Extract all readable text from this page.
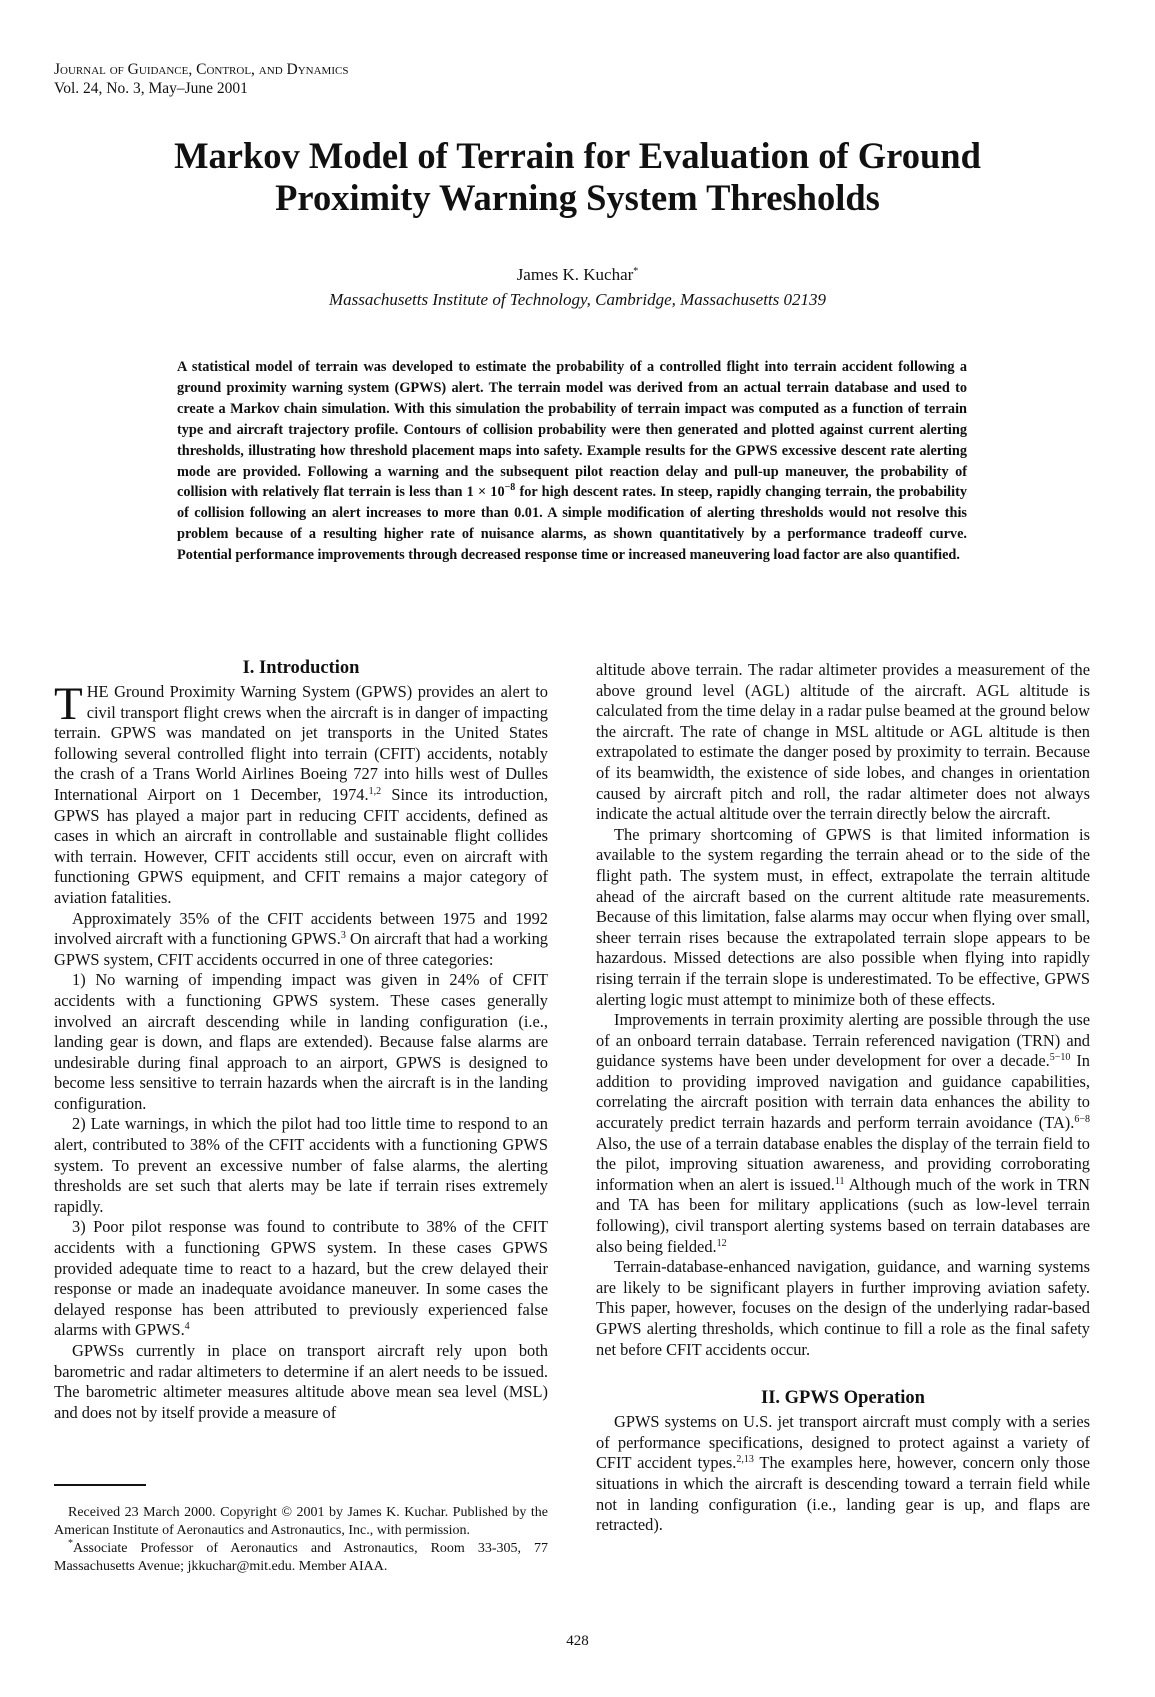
Journal of Guidance, Control, and Dynamics
Vol. 24, No. 3, May–June 2001
Markov Model of Terrain for Evaluation of Ground
Proximity Warning System Thresholds
James K. Kuchar*
Massachusetts Institute of Technology, Cambridge, Massachusetts 02139
A statistical model of terrain was developed to estimate the probability of a controlled flight into terrain accident following a ground proximity warning system (GPWS) alert. The terrain model was derived from an actual terrain database and used to create a Markov chain simulation. With this simulation the probability of terrain impact was computed as a function of terrain type and aircraft trajectory profile. Contours of collision probability were then generated and plotted against current alerting thresholds, illustrating how threshold placement maps into safety. Example results for the GPWS excessive descent rate alerting mode are provided. Following a warning and the subsequent pilot reaction delay and pull-up maneuver, the probability of collision with relatively flat terrain is less than $1 \times 10^{-8}$ for high descent rates. In steep, rapidly changing terrain, the probability of collision following an alert increases to more than 0.01. A simple modification of alerting thresholds would not resolve this problem because of a resulting higher rate of nuisance alarms, as shown quantitatively by a performance tradeoff curve. Potential performance improvements through decreased response time or increased maneuvering load factor are also quantified.
I. Introduction

THE Ground Proximity Warning System (GPWS) provides an alert to civil transport flight crews when the aircraft is in danger of impacting terrain. GPWS was mandated on jet transports in the United States following several controlled flight into terrain (CFIT) accidents, notably the crash of a Trans World Airlines Boeing 727 into hills west of Dulles International Airport on 1 December, 1974.$^{1,2}$ Since its introduction, GPWS has played a major part in reducing CFIT accidents, defined as cases in which an aircraft in controllable and sustainable flight collides with terrain. However, CFIT accidents still occur, even on aircraft with functioning GPWS equipment, and CFIT remains a major category of aviation fatalities.

Approximately 35% of the CFIT accidents between 1975 and 1992 involved aircraft with a functioning GPWS.$^3$ On aircraft that had a working GPWS system, CFIT accidents occurred in one of three categories:

1) No warning of impending impact was given in 24% of CFIT accidents with a functioning GPWS system. These cases generally involved an aircraft descending while in landing configuration (i.e., landing gear is down, and flaps are extended). Because false alarms are undesirable during final approach to an airport, GPWS is designed to become less sensitive to terrain hazards when the aircraft is in the landing configuration.

2) Late warnings, in which the pilot had too little time to respond to an alert, contributed to 38% of the CFIT accidents with a functioning GPWS system. To prevent an excessive number of false alarms, the alerting thresholds are set such that alerts may be late if terrain rises extremely rapidly.

3) Poor pilot response was found to contribute to 38% of the CFIT accidents with a functioning GPWS system. In these cases GPWS provided adequate time to react to a hazard, but the crew delayed their response or made an inadequate avoidance maneuver. In some cases the delayed response has been attributed to previously experienced false alarms with GPWS.$^4$

GPWSs currently in place on transport aircraft rely upon both barometric and radar altimeters to determine if an alert needs to be issued. The barometric altimeter measures altitude above mean sea level (MSL) and does not by itself provide a measure of

altitude above terrain. The radar altimeter provides a measurement of the above ground level (AGL) altitude of the aircraft. AGL altitude is calculated from the time delay in a radar pulse beamed at the ground below the aircraft. The rate of change in MSL altitude or AGL altitude is then extrapolated to estimate the danger posed by proximity to terrain. Because of its beamwidth, the existence of side lobes, and changes in orientation caused by aircraft pitch and roll, the radar altimeter does not always indicate the actual altitude over the terrain directly below the aircraft.

The primary shortcoming of GPWS is that limited information is available to the system regarding the terrain ahead or to the side of the flight path. The system must, in effect, extrapolate the terrain altitude ahead of the aircraft based on the current altitude rate measurements. Because of this limitation, false alarms may occur when flying over small, sheer terrain rises because the extrapolated terrain slope appears to be hazardous. Missed detections are also possible when flying into rapidly rising terrain if the terrain slope is underestimated. To be effective, GPWS alerting logic must attempt to minimize both of these effects.

Improvements in terrain proximity alerting are possible through the use of an onboard terrain database. Terrain referenced navigation (TRN) and guidance systems have been under development for over a decade.$^{5-10}$ In addition to providing improved navigation and guidance capabilities, correlating the aircraft position with terrain data enhances the ability to accurately predict terrain hazards and perform terrain avoidance (TA).$^{6-8}$ Also, the use of a terrain database enables the display of the terrain field to the pilot, improving situation awareness, and providing corroborating information when an alert is issued.$^{11}$ Although much of the work in TRN and TA has been for military applications (such as low-level terrain following), civil transport alerting systems based on terrain databases are also being fielded.$^{12}$

Terrain-database-enhanced navigation, guidance, and warning systems are likely to be significant players in further improving aviation safety. This paper, however, focuses on the design of the underlying radar-based GPWS alerting thresholds, which continue to fill a role as the final safety net before CFIT accidents occur.

II. GPWS Operation

GPWS systems on U.S. jet transport aircraft must comply with a series of performance specifications, designed to protect against a variety of CFIT accident types.$^{2,13}$ The examples here, however, concern only those situations in which the aircraft is descending toward a terrain field while not in landing configuration (i.e., landing gear is up, and flaps are retracted).

Received 23 March 2000. Copyright © 2001 by James K. Kuchar. Published by the American Institute of Aeronautics and Astronautics, Inc., with permission.

*Associate Professor of Aeronautics and Astronautics, Room 33-305, 77 Massachusetts Avenue; jkkuchar@mit.edu. Member AIAA.

428
